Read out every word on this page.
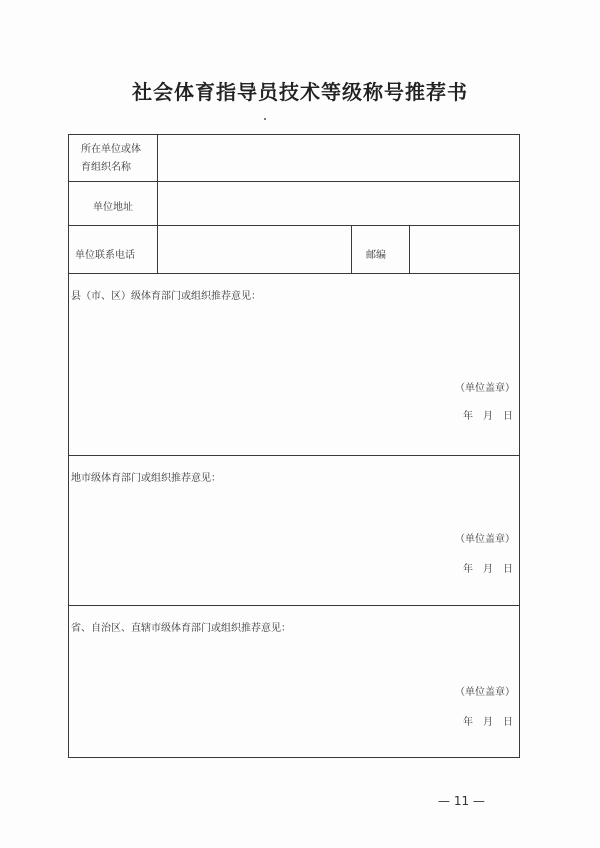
社会体育指导员技术等级称号推荐书
所在单位或体
育组织名称
单位地址
单位联系电话	邮编
县（市、区）级体育部门或组织推荐意见：
（单位盖章）
年　月　日
地市级体育部门或组织推荐意见：
（单位盖章）
年　月　日
省、自治区、直辖市级体育部门或组织推荐意见：
（单位盖章）
年　月　日
— 11 —
